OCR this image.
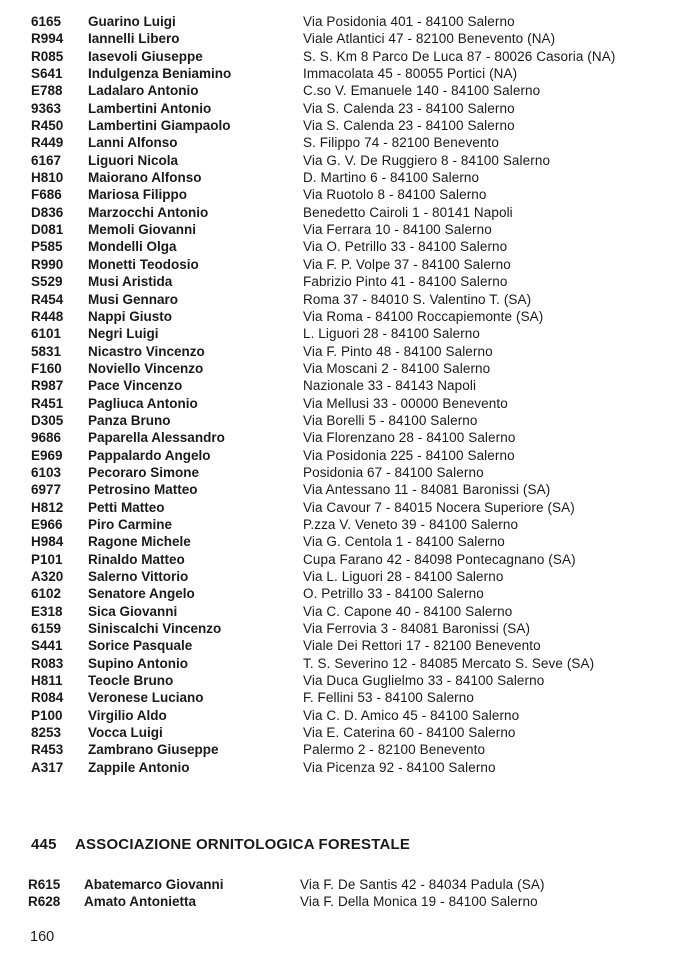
6165 Guarino Luigi	Via Posidonia 401 - 84100 Salerno
R994 Iannelli Libero	Viale Atlantici 47 - 82100 Benevento (NA)
R085 Iasevoli Giuseppe	S. S. Km 8 Parco De Luca 87 - 80026 Casoria (NA)
S641 Indulgenza Beniamino	Immacolata 45 - 80055 Portici (NA)
E788 Ladalaro Antonio	C.so V. Emanuele 140 - 84100 Salerno
9363 Lambertini Antonio	Via S. Calenda 23 - 84100 Salerno
R450 Lambertini Giampaolo	Via S. Calenda 23 - 84100 Salerno
R449 Lanni Alfonso	S. Filippo 74 - 82100 Benevento
6167 Liguori Nicola	Via G. V. De Ruggiero 8 - 84100 Salerno
H810 Maiorano Alfonso	D. Martino 6 - 84100 Salerno
F686 Mariosa Filippo	Via Ruotolo 8 - 84100 Salerno
D836 Marzocchi Antonio	Benedetto Cairoli 1 - 80141 Napoli
D081 Memoli Giovanni	Via Ferrara 10 - 84100 Salerno
P585 Mondelli Olga	Via O. Petrillo 33 - 84100 Salerno
R990 Monetti Teodosio	Via F. P. Volpe 37 - 84100 Salerno
S529 Musi Aristida	Fabrizio Pinto 41 - 84100 Salerno
R454 Musi Gennaro	Roma 37 - 84010 S. Valentino T. (SA)
R448 Nappi Giusto	Via Roma - 84100 Roccapiemonte (SA)
6101 Negri Luigi	L. Liguori 28 - 84100 Salerno
5831 Nicastro Vincenzo	Via F. Pinto 48 - 84100 Salerno
F160 Noviello Vincenzo	Via Moscani 2 - 84100 Salerno
R987 Pace Vincenzo	Nazionale 33 - 84143 Napoli
R451 Pagliuca Antonio	Via Mellusi 33 - 00000 Benevento
D305 Panza Bruno	Via Borelli 5 - 84100 Salerno
9686 Paparella Alessandro	Via Florenzano 28 - 84100 Salerno
E969 Pappalardo Angelo	Via Posidonia 225 - 84100 Salerno
6103 Pecoraro Simone	Posidonia 67 - 84100 Salerno
6977 Petrosino Matteo	Via Antessano 11 - 84081 Baronissi (SA)
H812 Petti Matteo	Via Cavour 7 - 84015 Nocera Superiore (SA)
E966 Piro Carmine	P.zza V. Veneto 39 - 84100 Salerno
H984 Ragone Michele	Via G. Centola 1 - 84100 Salerno
P101 Rinaldo Matteo	Cupa Farano 42 - 84098 Pontecagnano (SA)
A320 Salerno Vittorio	Via L. Liguori 28 - 84100 Salerno
6102 Senatore Angelo	O. Petrillo 33 - 84100 Salerno
E318 Sica Giovanni	Via C. Capone 40 - 84100 Salerno
6159 Siniscalchi Vincenzo	Via Ferrovia 3 - 84081 Baronissi (SA)
S441 Sorice Pasquale	Viale Dei Rettori 17 - 82100 Benevento
R083 Supino Antonio	T. S. Severino 12 - 84085 Mercato S. Seve (SA)
H811 Teocle Bruno	Via Duca Guglielmo 33 - 84100 Salerno
R084 Veronese Luciano	F. Fellini 53 - 84100 Salerno
P100 Virgilio Aldo	Via C. D. Amico 45 - 84100 Salerno
8253 Vocca Luigi	Via E. Caterina 60 - 84100 Salerno
R453 Zambrano Giuseppe	Palermo 2 - 82100 Benevento
A317 Zappile Antonio	Via Picenza 92 - 84100 Salerno
445 ASSOCIAZIONE ORNITOLOGICA FORESTALE
R615 Abatemarco Giovanni	Via F. De Santis 42 - 84034 Padula (SA)
R628 Amato Antonietta	Via F. Della Monica 19 - 84100 Salerno
160
